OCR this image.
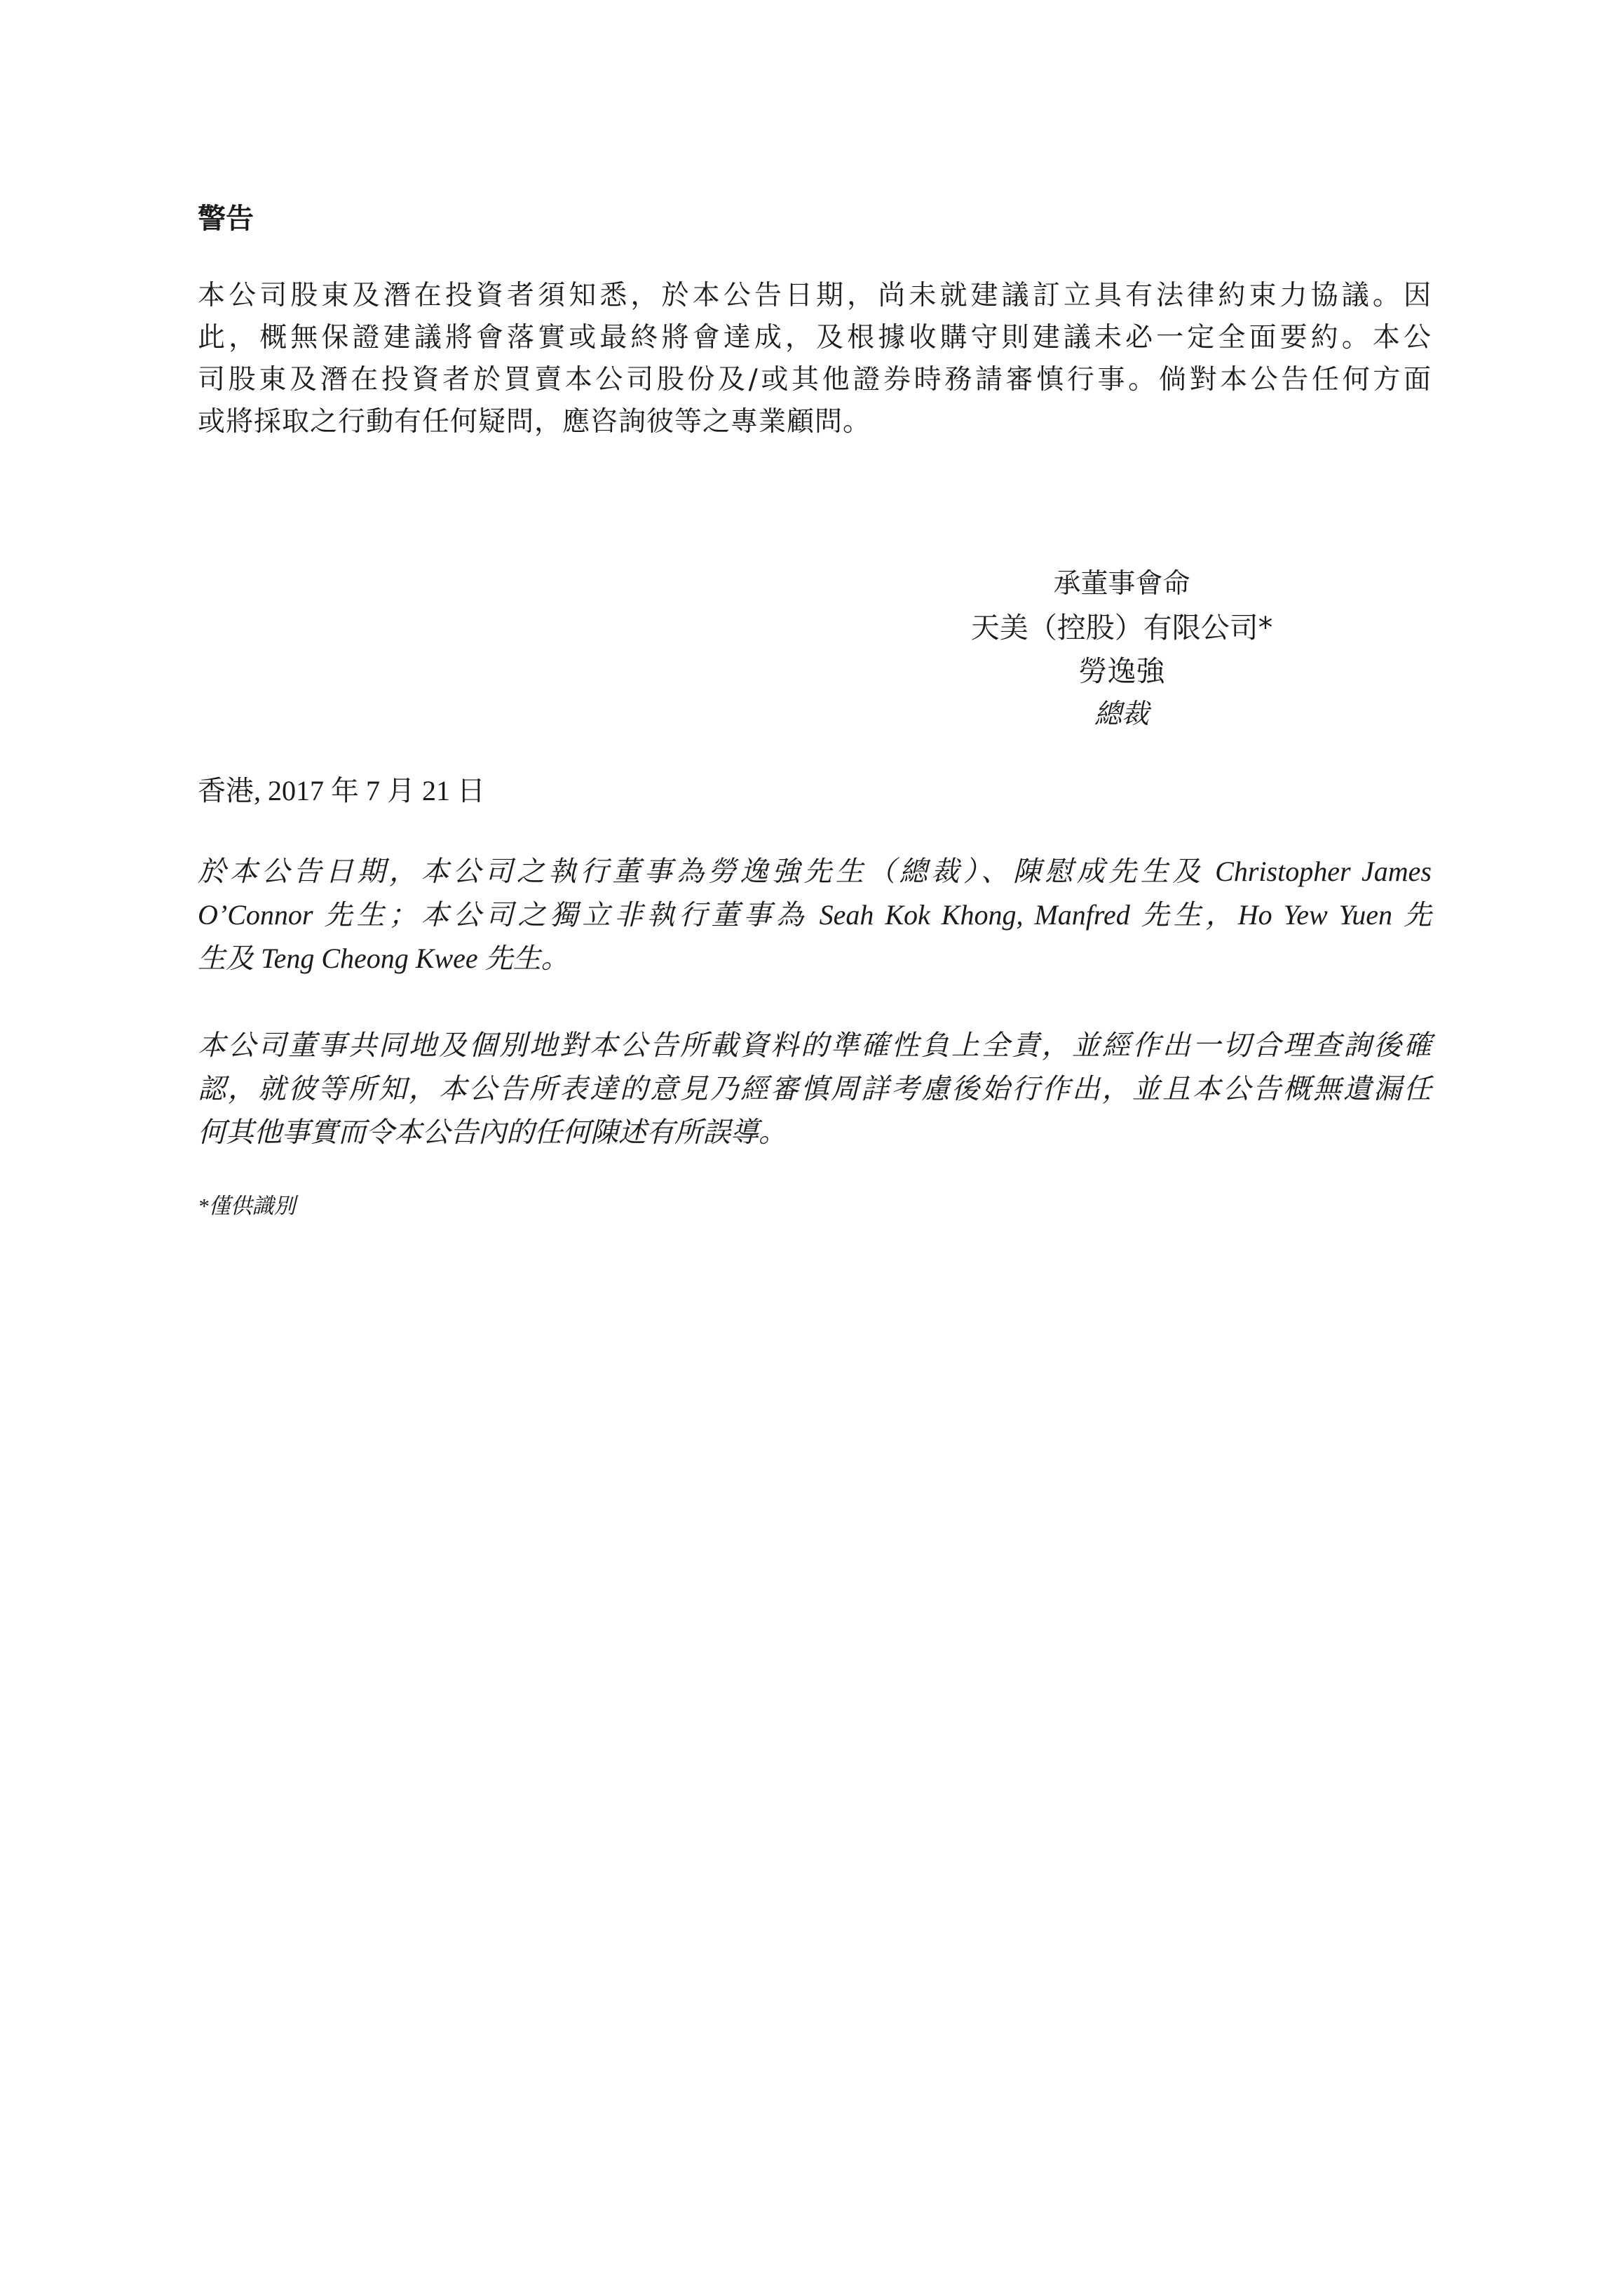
警告
本公司股東及潛在投資者須知悉，於本公告日期，尚未就建議訂立具有法律約束力協議。因
此，概無保證建議將會落實或最終將會達成，及根據收購守則建議未必一定全面要約。本公
司股東及潛在投資者於買賣本公司股份及/或其他證券時務請審慎行事。倘對本公告任何方面
或將採取之行動有任何疑問，應咨詢彼等之專業顧問。
承董事會命
天美（控股）有限公司*
勞逸強
總裁
香港, 2017 年 7 月 21 日
於本公告日期，本公司之執行董事為勞逸強先生（總裁）、陳慰成先生及 Christopher James
O’Connor 先生；本公司之獨立非執行董事為 Seah Kok Khong, Manfred 先生，Ho Yew Yuen 先
生及 Teng Cheong Kwee 先生。
本公司董事共同地及個別地對本公告所載資料的準確性負上全責，並經作出一切合理查詢後確
認，就彼等所知，本公告所表達的意見乃經審慎周詳考慮後始行作出，並且本公告概無遺漏任
何其他事實而令本公告內的任何陳述有所誤導。
*僅供識別
